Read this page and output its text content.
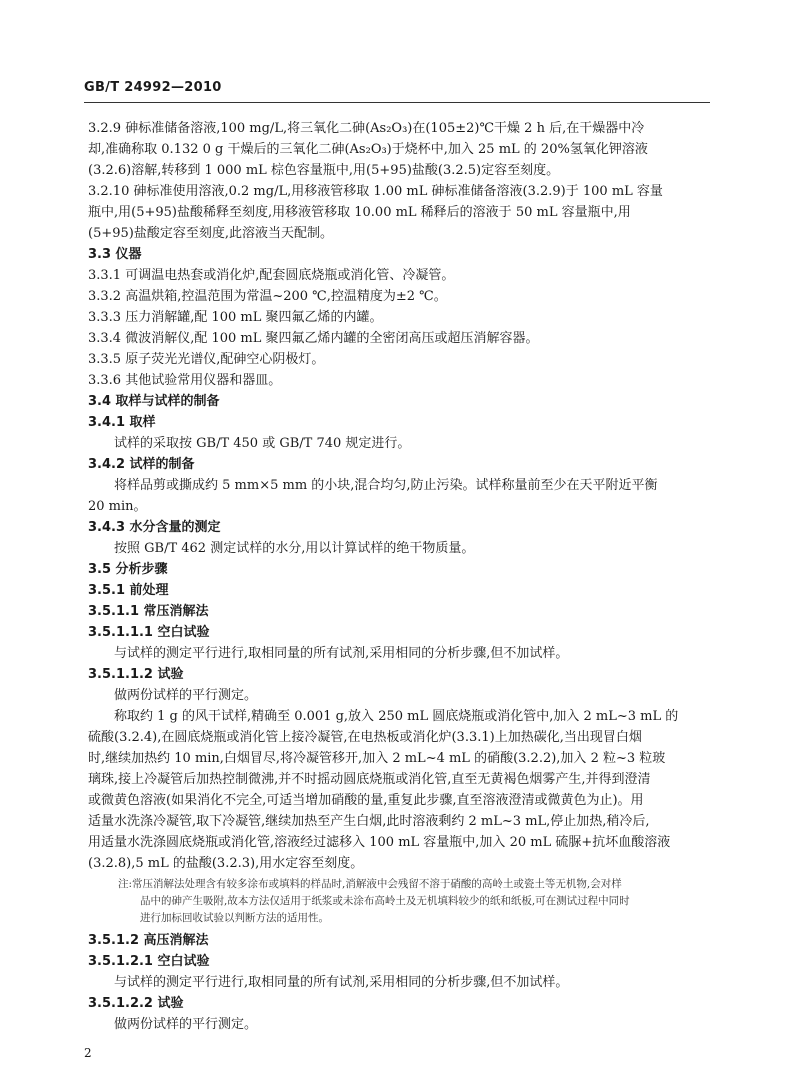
GB/T 24992—2010
3.2.9 砷标准储备溶液,100 mg/L,将三氧化二砷(As₂O₃)在(105±2)℃干燥 2 h 后,在干燥器中冷
却,准确称取 0.132 0 g 干燥后的三氧化二砷(As₂O₃)于烧杯中,加入 25 mL 的 20%氢氧化钾溶液
(3.2.6)溶解,转移到 1 000 mL 棕色容量瓶中,用(5+95)盐酸(3.2.5)定容至刻度。
3.2.10 砷标准使用溶液,0.2 mg/L,用移液管移取 1.00 mL 砷标准储备溶液(3.2.9)于 100 mL 容量
瓶中,用(5+95)盐酸稀释至刻度,用移液管移取 10.00 mL 稀释后的溶液于 50 mL 容量瓶中,用
(5+95)盐酸定容至刻度,此溶液当天配制。
3.3 仪器
3.3.1 可调温电热套或消化炉,配套圆底烧瓶或消化管、冷凝管。
3.3.2 高温烘箱,控温范围为常温~200 ℃,控温精度为±2 ℃。
3.3.3 压力消解罐,配 100 mL 聚四氟乙烯的内罐。
3.3.4 微波消解仪,配 100 mL 聚四氟乙烯内罐的全密闭高压或超压消解容器。
3.3.5 原子荧光光谱仪,配砷空心阴极灯。
3.3.6 其他试验常用仪器和器皿。
3.4 取样与试样的制备
3.4.1 取样
试样的采取按 GB/T 450 或 GB/T 740 规定进行。
3.4.2 试样的制备
将样品剪或撕成约 5 mm×5 mm 的小块,混合均匀,防止污染。试样称量前至少在天平附近平衡
20 min。
3.4.3 水分含量的测定
按照 GB/T 462 测定试样的水分,用以计算试样的绝干物质量。
3.5 分析步骤
3.5.1 前处理
3.5.1.1 常压消解法
3.5.1.1.1 空白试验
与试样的测定平行进行,取相同量的所有试剂,采用相同的分析步骤,但不加试样。
3.5.1.1.2 试验
做两份试样的平行测定。
称取约 1 g 的风干试样,精确至 0.001 g,放入 250 mL 圆底烧瓶或消化管中,加入 2 mL~3 mL 的
硫酸(3.2.4),在圆底烧瓶或消化管上接冷凝管,在电热板或消化炉(3.3.1)上加热碳化,当出现冒白烟
时,继续加热约 10 min,白烟冒尽,将冷凝管移开,加入 2 mL~4 mL 的硝酸(3.2.2),加入 2 粒~3 粒玻
璃珠,接上冷凝管后加热控制微沸,并不时摇动圆底烧瓶或消化管,直至无黄褐色烟雾产生,并得到澄清
或微黄色溶液(如果消化不完全,可适当增加硝酸的量,重复此步骤,直至溶液澄清或微黄色为止)。用
适量水洗涤冷凝管,取下冷凝管,继续加热至产生白烟,此时溶液剩约 2 mL~3 mL,停止加热,稍冷后,
用适量水洗涤圆底烧瓶或消化管,溶液经过滤移入 100 mL 容量瓶中,加入 20 mL 硫脲+抗坏血酸溶液
(3.2.8),5 mL 的盐酸(3.2.3),用水定容至刻度。
注:常压消解法处理含有较多涂布或填料的样品时,消解液中会残留不溶于硝酸的高岭土或瓷土等无机物,会对样
品中的砷产生吸附,故本方法仅适用于纸浆或未涂布高岭土及无机填料较少的纸和纸板,可在测试过程中同时
进行加标回收试验以判断方法的适用性。
3.5.1.2 高压消解法
3.5.1.2.1 空白试验
与试样的测定平行进行,取相同量的所有试剂,采用相同的分析步骤,但不加试样。
3.5.1.2.2 试验
做两份试样的平行测定。
2
